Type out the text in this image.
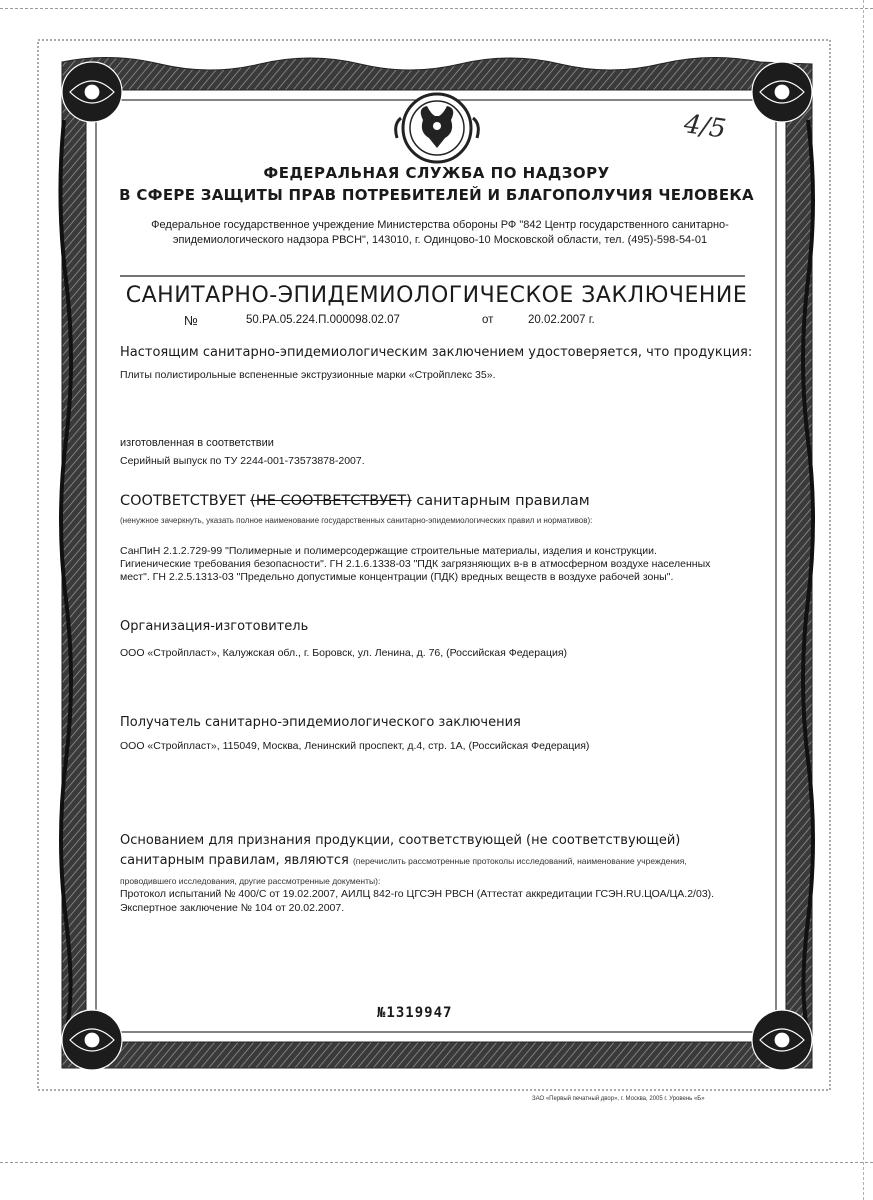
4/5
ФЕДЕРАЛЬНАЯ СЛУЖБА ПО НАДЗОРУ
В СФЕРЕ ЗАЩИТЫ ПРАВ ПОТРЕБИТЕЛЕЙ И БЛАГОПОЛУЧИЯ ЧЕЛОВЕКА
Федеральное государственное учреждение Министерства обороны РФ "842 Центр государственного санитарно-эпидемиологического надзора РВСН", 143010, г. Одинцово-10 Московской области, тел. (495)-598-54-01
САНИТАРНО-ЭПИДЕМИОЛОГИЧЕСКОЕ ЗАКЛЮЧЕНИЕ
№	50.РА.05.224.П.000098.02.07	от	20.02.2007 г.
Настоящим санитарно-эпидемиологическим заключением удостоверяется, что продукция:
Плиты полистирольные вспененные экструзионные марки «Стройплекс 35».
изготовленная в соответствии
Серийный выпуск по ТУ 2244-001-73573878-2007.
СООТВЕТСТВУЕТ (НЕ СООТВЕТСТВУЕТ) санитарным правилам
(ненужное зачеркнуть, указать полное наименование государственных санитарно-эпидемиологических правил и нормативов):
СанПиН 2.1.2.729-99 "Полимерные и полимерсодержащие строительные материалы, изделия и конструкции. Гигиенические требования безопасности". ГН 2.1.6.1338-03 "ПДК загрязняющих в-в в атмосферном воздухе населенных мест". ГН 2.2.5.1313-03 "Предельно допустимые концентрации (ПДК) вредных веществ в воздухе рабочей зоны".
Организация-изготовитель
ООО «Стройпласт», Калужская обл., г. Боровск, ул. Ленина, д. 76, (Российская Федерация)
Получатель санитарно-эпидемиологического заключения
ООО «Стройпласт», 115049, Москва, Ленинский проспект, д.4, стр. 1А, (Российская Федерация)
Основанием для признания продукции, соответствующей (не соответствующей) санитарным правилам, являются (перечислить рассмотренные протоколы исследований, наименование учреждения, проводившего исследования, другие рассмотренные документы):
Протокол испытаний № 400/С от 19.02.2007, АИЛЦ 842-го ЦГСЭН РВСН (Аттестат аккредитации ГСЭН.RU.ЦОА/ЦА.2/03). Экспертное заключение № 104 от 20.02.2007.
№1319947
ЗАО «Первый печатный двор», г. Москва, 2005 г. Уровень «Б»
